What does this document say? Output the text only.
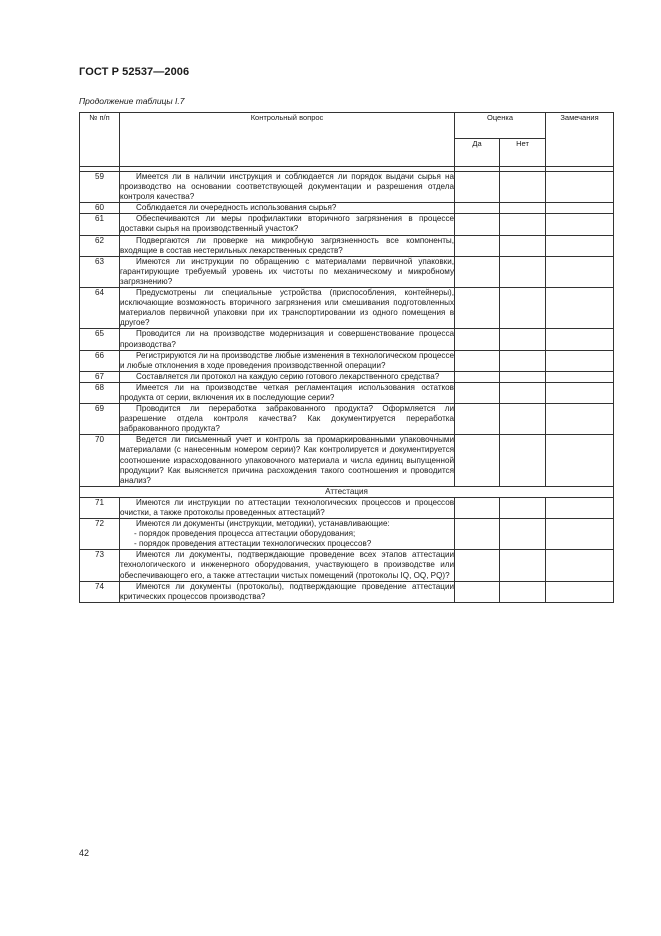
ГОСТ Р 52537—2006
Продолжение таблицы I.7
№ п/п	Контрольный вопрос	Оценка		Замечания
		Да	Нет	

59	Имеется ли в наличии инструкция и соблюдается ли порядок выдачи сырья на производство на основании соответствующей документации и разрешения отдела контроля качества?			

60	Соблюдается ли очередность использования сырья?			

61	Обеспечиваются ли меры профилактики вторичного загрязнения в процессе доставки сырья на производственный участок?			

62	Подвергаются ли проверке на микробную загрязненность все компоненты, входящие в состав нестерильных лекарственных средств?			

63	Имеются ли инструкции по обращению с материалами первичной упаковки, гарантирующие требуемый уровень их чистоты по механическому и микробному загрязнению?			

64	Предусмотрены ли специальные устройства (приспособления, контейнеры), исключающие возможность вторичного загрязнения или смешивания подготовленных материалов первичной упаковки при их транспортировании из одного помещения в другое?			

65	Проводится ли на производстве модернизация и совершенствование процесса производства?			

66	Регистрируются ли на производстве любые изменения в технологическом процессе и любые отклонения в ходе проведения производственной операции?			

67	Составляется ли протокол на каждую серию готового лекарственного средства?			

68	Имеется ли на производстве четкая регламентация использования остатков продукта от серии, включения их в последующие серии?			

69	Проводится ли переработка забракованного продукта? Оформляется ли разрешение отдела контроля качества? Как документируется переработка забракованного продукта?			

70	Ведется ли письменный учет и контроль за промаркированными упаковочными материалами (с нанесенным номером серии)? Как контролируется и документируется соотношение израсходованного упаковочного материала и числа единиц выпущенной продукции? Как выясняется причина расхождения такого соотношения и проводится анализ?			

Аттестация				
71	Имеются ли инструкции по аттестации технологических процессов и процессов очистки, а также протоколы проведенных аттестаций?			

72	Имеются ли документы (инструкции, методики), устанавливающие:
- порядок проведения процесса аттестации оборудования;
- порядок проведения аттестации технологических процессов?			

73	Имеются ли документы, подтверждающие проведение всех этапов аттестации технологического и инженерного оборудования, участвующего в производстве или обеспечивающего его, а также аттестации чистых помещений (протоколы IQ, OQ, PQ)?			

74	Имеются ли документы (протоколы), подтверждающие проведение аттестации критических процессов производства?			

42
